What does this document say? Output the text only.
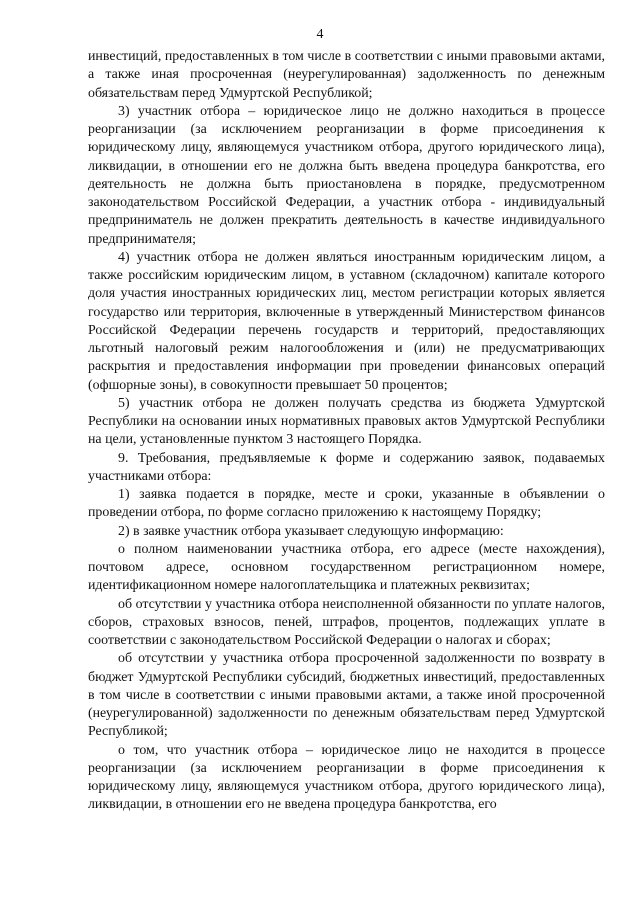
4

инвестиций, предоставленных в том числе в соответствии с иными правовыми актами, а также иная просроченная (неурегулированная) задолженность по денежным обязательствам перед Удмуртской Республикой;

3) участник отбора – юридическое лицо не должно находиться в процессе реорганизации (за исключением реорганизации в форме присоединения к юридическому лицу, являющемуся участником отбора, другого юридического лица), ликвидации, в отношении его не должна быть введена процедура банкротства, его деятельность не должна быть приостановлена в порядке, предусмотренном законодательством Российской Федерации, а участник отбора - индивидуальный предприниматель не должен прекратить деятельность в качестве индивидуального предпринимателя;

4) участник отбора не должен являться иностранным юридическим лицом, а также российским юридическим лицом, в уставном (складочном) капитале которого доля участия иностранных юридических лиц, местом регистрации которых является государство или территория, включенные в утвержденный Министерством финансов Российской Федерации перечень государств и территорий, предоставляющих льготный налоговый режим налогообложения и (или) не предусматривающих раскрытия и предоставления информации при проведении финансовых операций (офшорные зоны), в совокупности превышает 50 процентов;

5) участник отбора не должен получать средства из бюджета Удмуртской Республики на основании иных нормативных правовых актов Удмуртской Республики на цели, установленные пунктом 3 настоящего Порядка.

9. Требования, предъявляемые к форме и содержанию заявок, подаваемых участниками отбора:

1) заявка подается в порядке, месте и сроки, указанные в объявлении о проведении отбора, по форме согласно приложению к настоящему Порядку;

2) в заявке участник отбора указывает следующую информацию:

о полном наименовании участника отбора, его адресе (месте нахождения), почтовом адресе, основном государственном регистрационном номере, идентификационном номере налогоплательщика и платежных реквизитах;

об отсутствии у участника отбора неисполненной обязанности по уплате налогов, сборов, страховых взносов, пеней, штрафов, процентов, подлежащих уплате в соответствии с законодательством Российской Федерации о налогах и сборах;

об отсутствии у участника отбора просроченной задолженности по возврату в бюджет Удмуртской Республики субсидий, бюджетных инвестиций, предоставленных в том числе в соответствии с иными правовыми актами, а также иной просроченной (неурегулированной) задолженности по денежным обязательствам перед Удмуртской Республикой;

о том, что участник отбора – юридическое лицо не находится в процессе реорганизации (за исключением реорганизации в форме присоединения к юридическому лицу, являющемуся участником отбора, другого юридического лица), ликвидации, в отношении его не введена процедура банкротства, его
